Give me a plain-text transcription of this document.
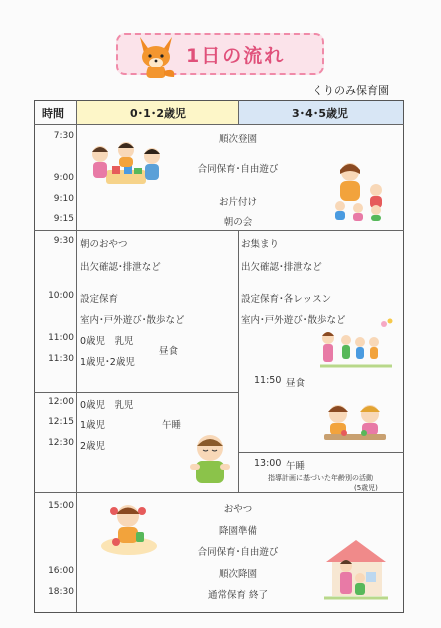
1日の流れ
くりのみ保育園
時間	0･1･2歳児	3･4･5歳児
7:30
9:00
9:10
9:15
順次登園
合同保育･自由遊び
お片付け
朝の会
9:30
10:00
11:00
11:30
朝のおやつ
出欠確認･排泄など
設定保育
室内･戸外遊び･散歩など
0歳児　乳児
1歳児･2歳児
昼食
お集まり
出欠確認･排泄など
設定保育･各レッスン
室内･戸外遊び･散歩など
11:50 昼食
12:00
12:15
12:30
0歳児　乳児
1歳児
2歳児
午睡
13:00 午睡
指導計画に基づいた年齢別の活動
(5歳児)
15:00
16:00
18:30
おやつ
降園準備
合同保育･自由遊び
順次降園
通常保育 終了
